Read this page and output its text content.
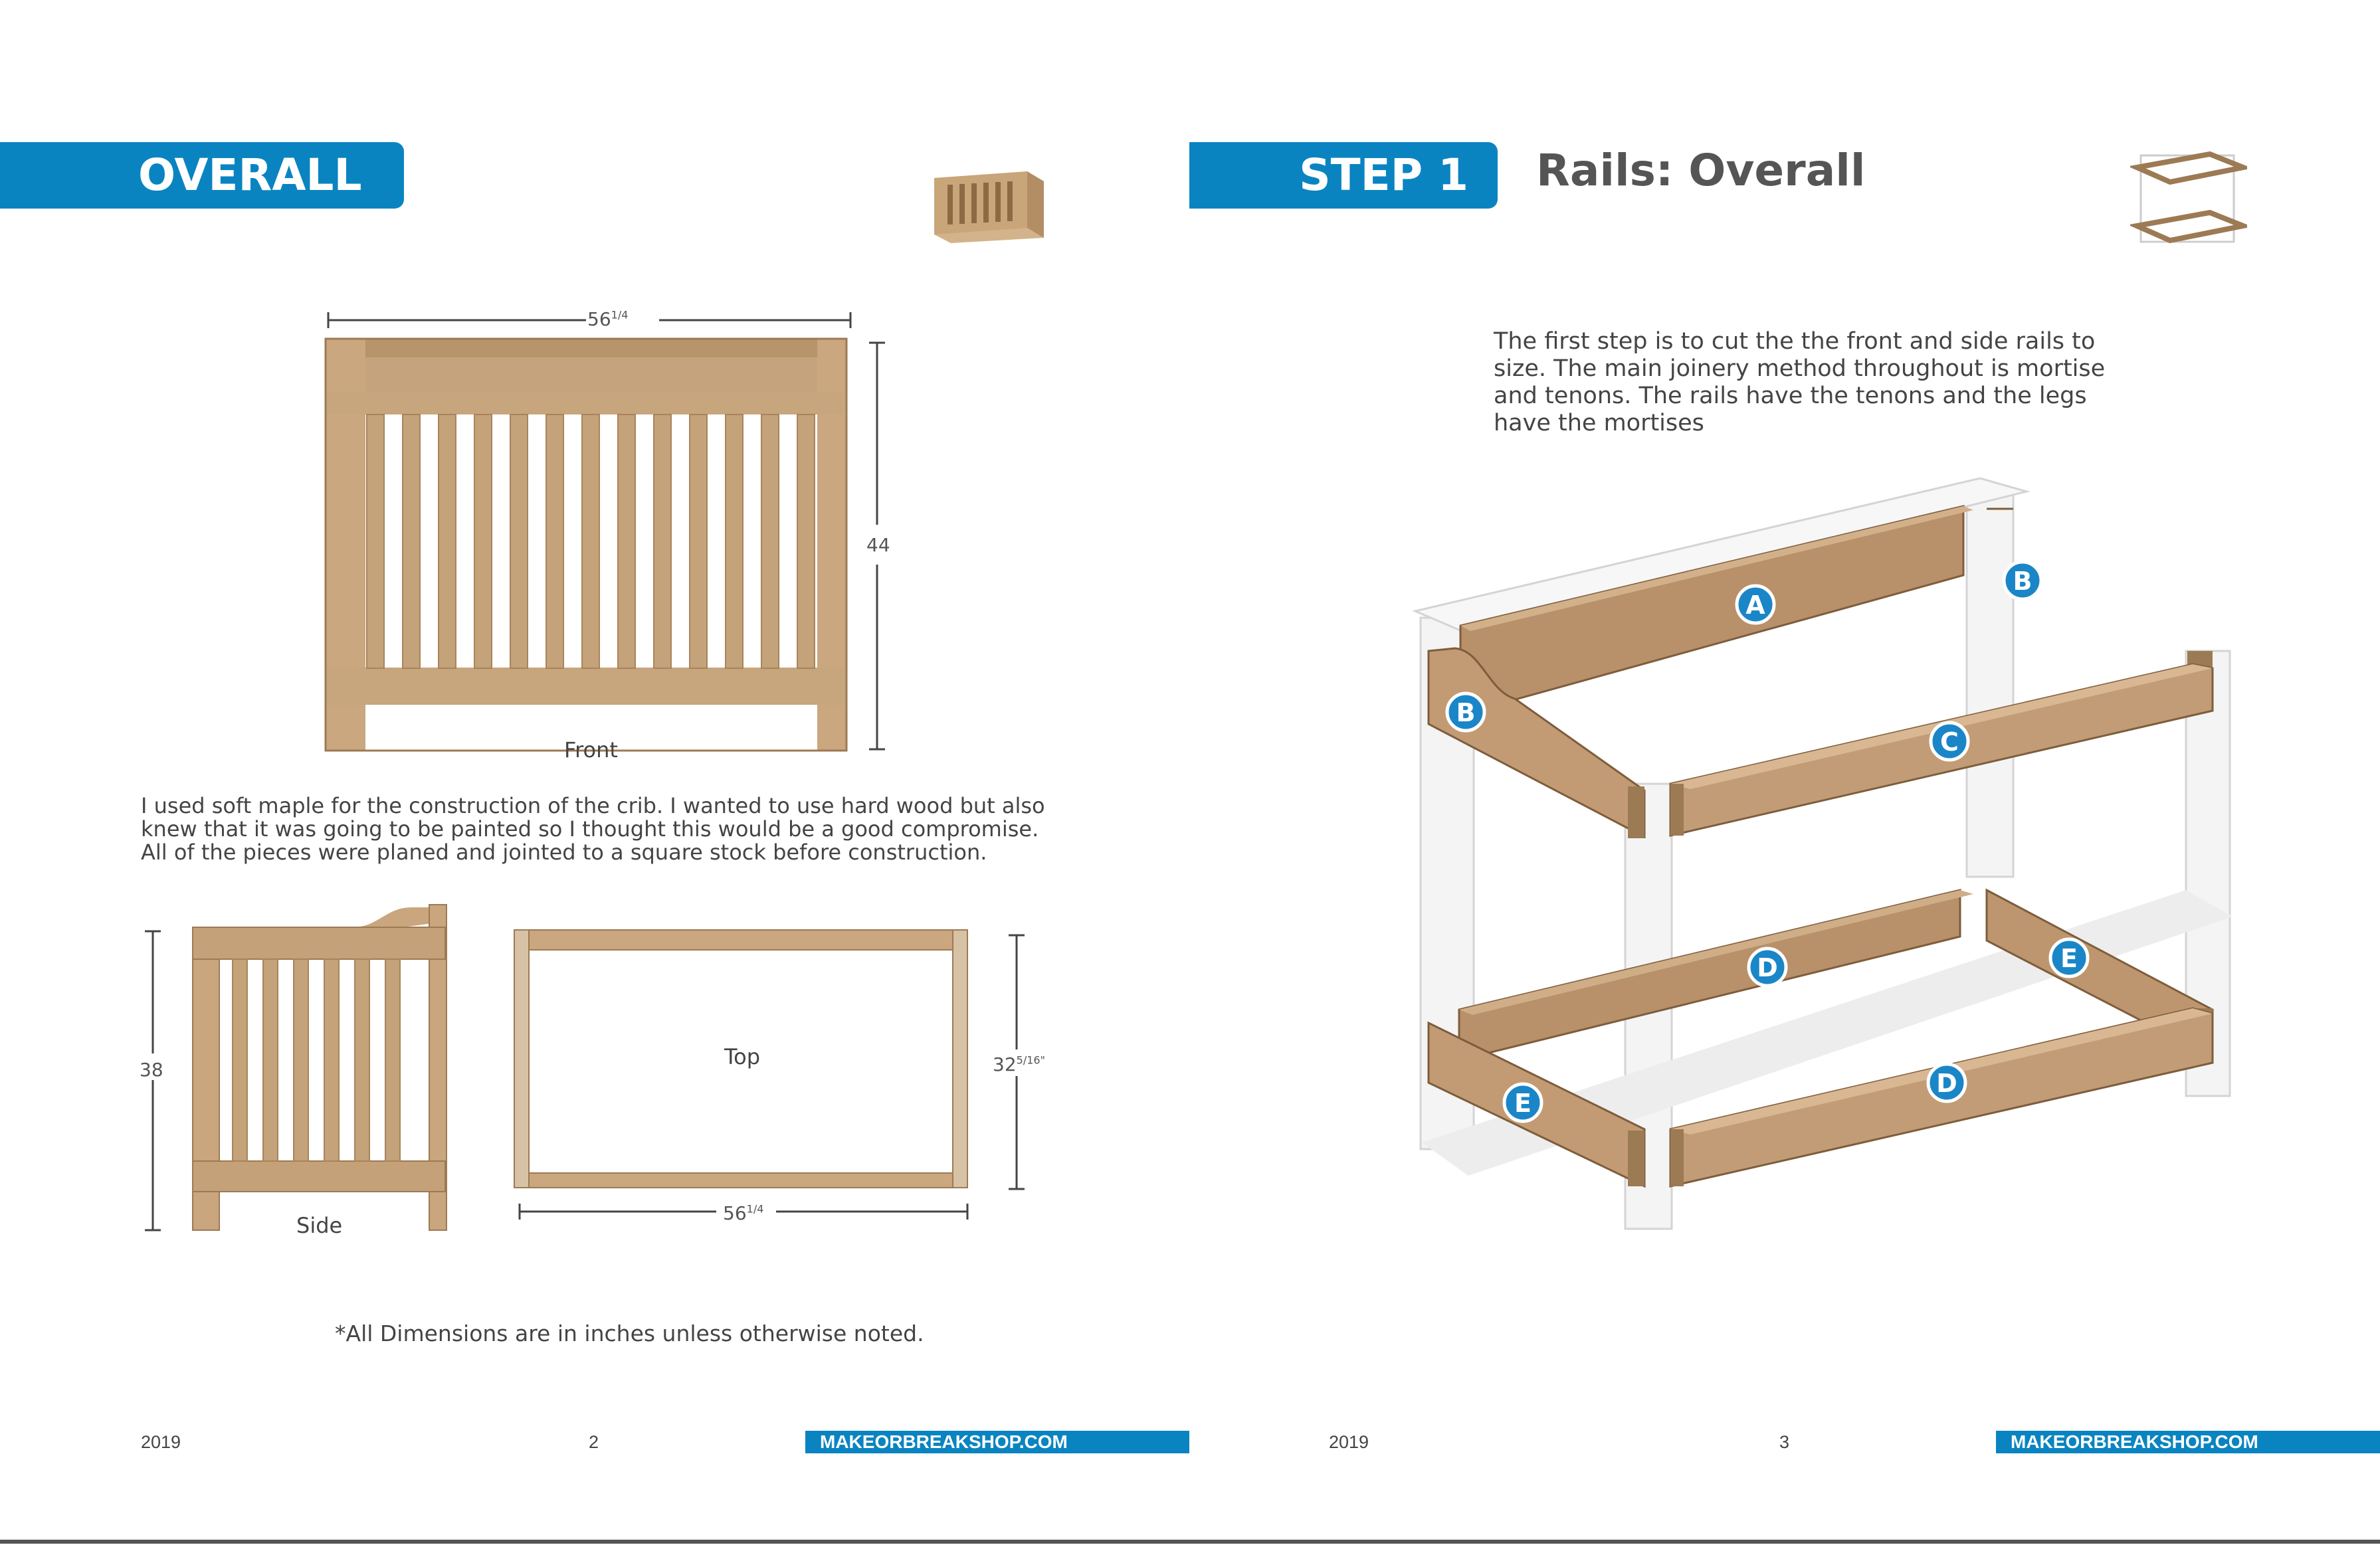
OVERALL
$56^{1/4}$
44
Front
I used soft maple for the construction of the crib. I wanted to use hard wood but also knew that it was going to be painted so I thought this would be a good compromise. All of the pieces were planed and jointed to a square stock before construction.
38
Side
Top	$32^{5/16"}$
$56^{1/4}$
*All Dimensions are in inches unless otherwise noted.
2019	2	MAKEORBREAKSHOP.COM
STEP 1 Rails: Overall
The first step is to cut the the front and side rails to
size. The main joinery method throughout is mortise
and tenons. The rails have the tenons and the legs
have the mortises
A
B
B
C
D	E
E
D
2019	3	MAKEORBREAKSHOP.COM
